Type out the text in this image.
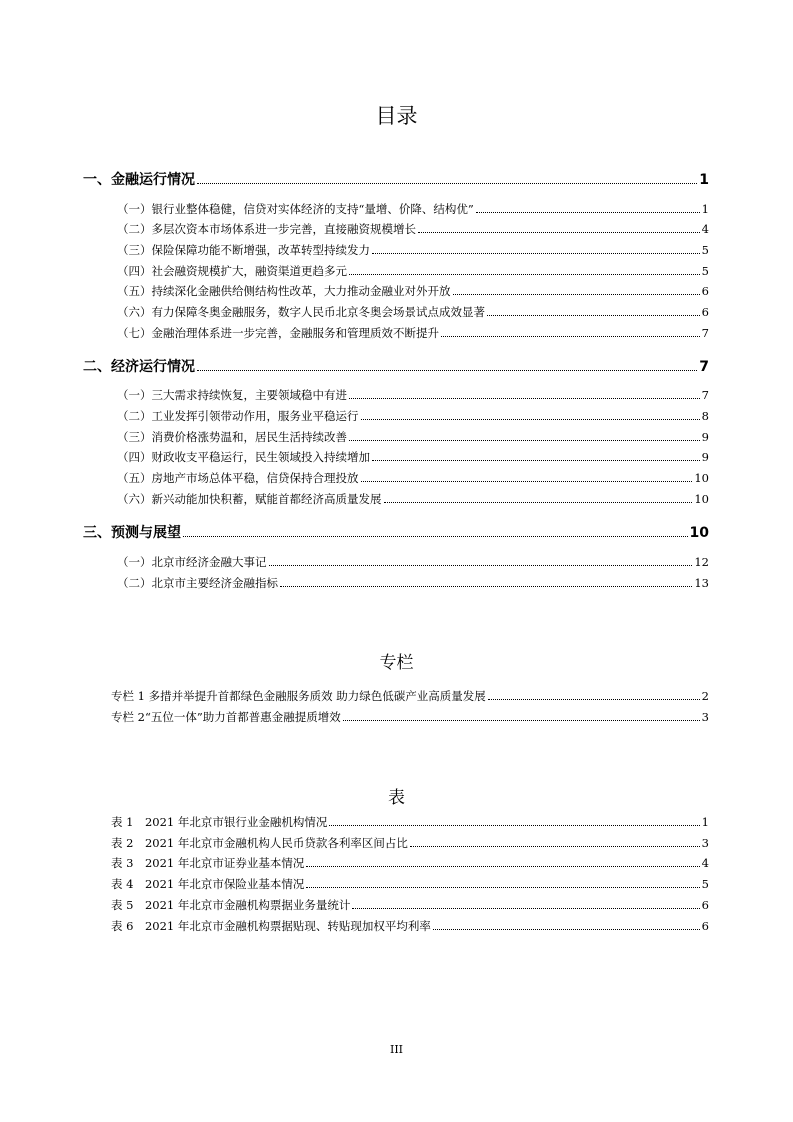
目录
一、金融运行情况	1
（一）银行业整体稳健，信贷对实体经济的支持“量增、价降、结构优”	1
（二）多层次资本市场体系进一步完善，直接融资规模增长	4
（三）保险保障功能不断增强，改革转型持续发力	5
（四）社会融资规模扩大，融资渠道更趋多元	5
（五）持续深化金融供给侧结构性改革，大力推动金融业对外开放	6
（六）有力保障冬奥金融服务，数字人民币北京冬奥会场景试点成效显著	6
（七）金融治理体系进一步完善，金融服务和管理质效不断提升	7
二、经济运行情况	7
（一）三大需求持续恢复，主要领域稳中有进	7
（二）工业发挥引领带动作用，服务业平稳运行	8
（三）消费价格涨势温和，居民生活持续改善	9
（四）财政收支平稳运行，民生领域投入持续增加	9
（五）房地产市场总体平稳，信贷保持合理投放	10
（六）新兴动能加快积蓄，赋能首都经济高质量发展	10
三、预测与展望	10
（一）北京市经济金融大事记	12
（二）北京市主要经济金融指标	13
专栏
专栏 1 多措并举提升首都绿色金融服务质效 助力绿色低碳产业高质量发展	2
专栏 2“五位一体”助力首都普惠金融提质增效	3
表
表 1　2021 年北京市银行业金融机构情况	1
表 2　2021 年北京市金融机构人民币贷款各利率区间占比	3
表 3　2021 年北京市证券业基本情况	4
表 4　2021 年北京市保险业基本情况	5
表 5　2021 年北京市金融机构票据业务量统计	6
表 6　2021 年北京市金融机构票据贴现、转贴现加权平均利率	6
III
